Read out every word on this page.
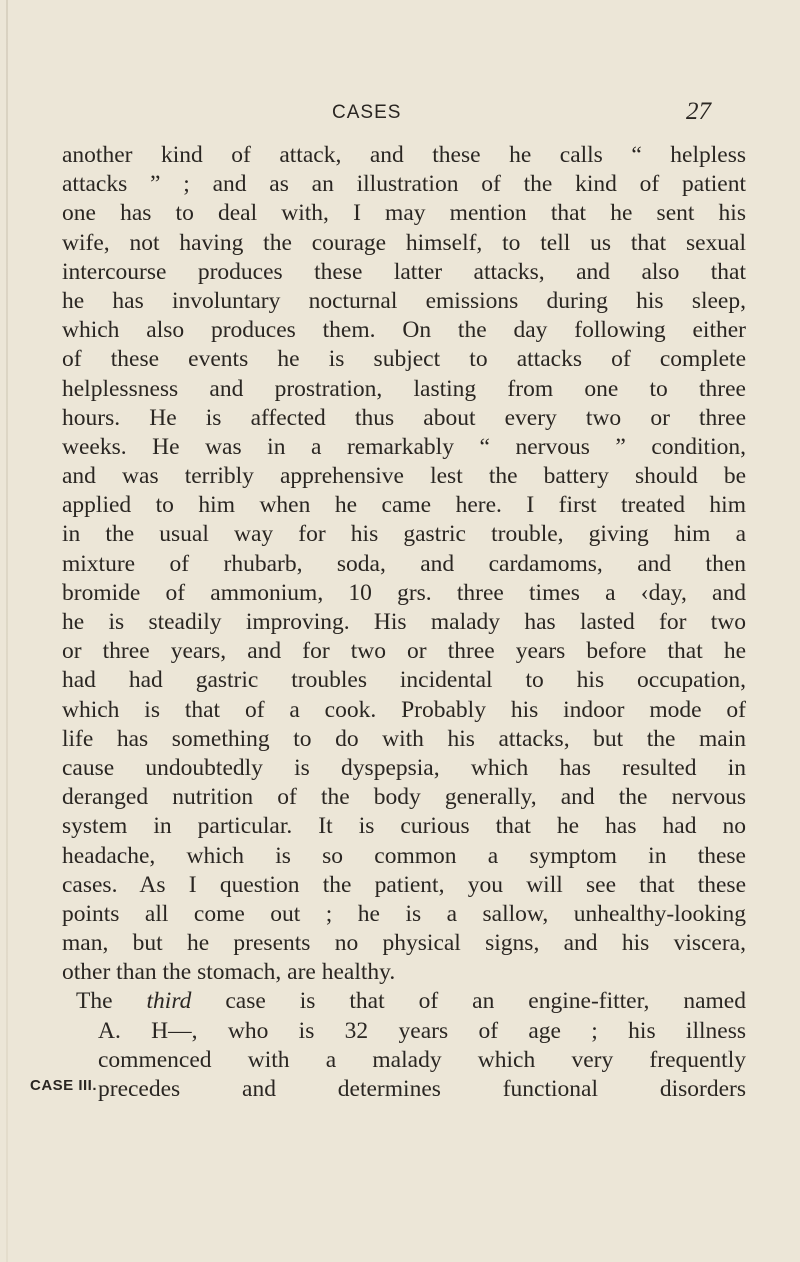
CASES	27
another kind of attack, and these he calls “ helpless
attacks ” ; and as an illustration of the kind of patient
one has to deal with, I may mention that he sent his
wife, not having the courage himself, to tell us that sexual
intercourse produces these latter attacks, and also that
he has involuntary nocturnal emissions during his sleep,
which also produces them. On the day following either
of these events he is subject to attacks of complete
helplessness and prostration, lasting from one to three
hours. He is affected thus about every two or three
weeks. He was in a remarkably “ nervous ” condition,
and was terribly apprehensive lest the battery should be
applied to him when he came here. I first treated him
in the usual way for his gastric trouble, giving him a
mixture of rhubarb, soda, and cardamoms, and then
bromide of ammonium, 10 grs. three times a ‹day, and
he is steadily improving. His malady has lasted for two
or three years, and for two or three years before that he
had had gastric troubles incidental to his occupation,
which is that of a cook. Probably his indoor mode of
life has something to do with his attacks, but the main
cause undoubtedly is dyspepsia, which has resulted in
deranged nutrition of the body generally, and the nervous
system in particular. It is curious that he has had no
headache, which is so common a symptom in these
cases. As I question the patient, you will see that these
points all come out ; he is a sallow, unhealthy-looking
man, but he presents no physical signs, and his viscera,
other than the stomach, are healthy.
The third case is that of an engine-fitter, named
A. H—, who is 32 years of age ; his illness
commenced with a malady which very frequently
precedes and determines functional disorders
CASE III.
